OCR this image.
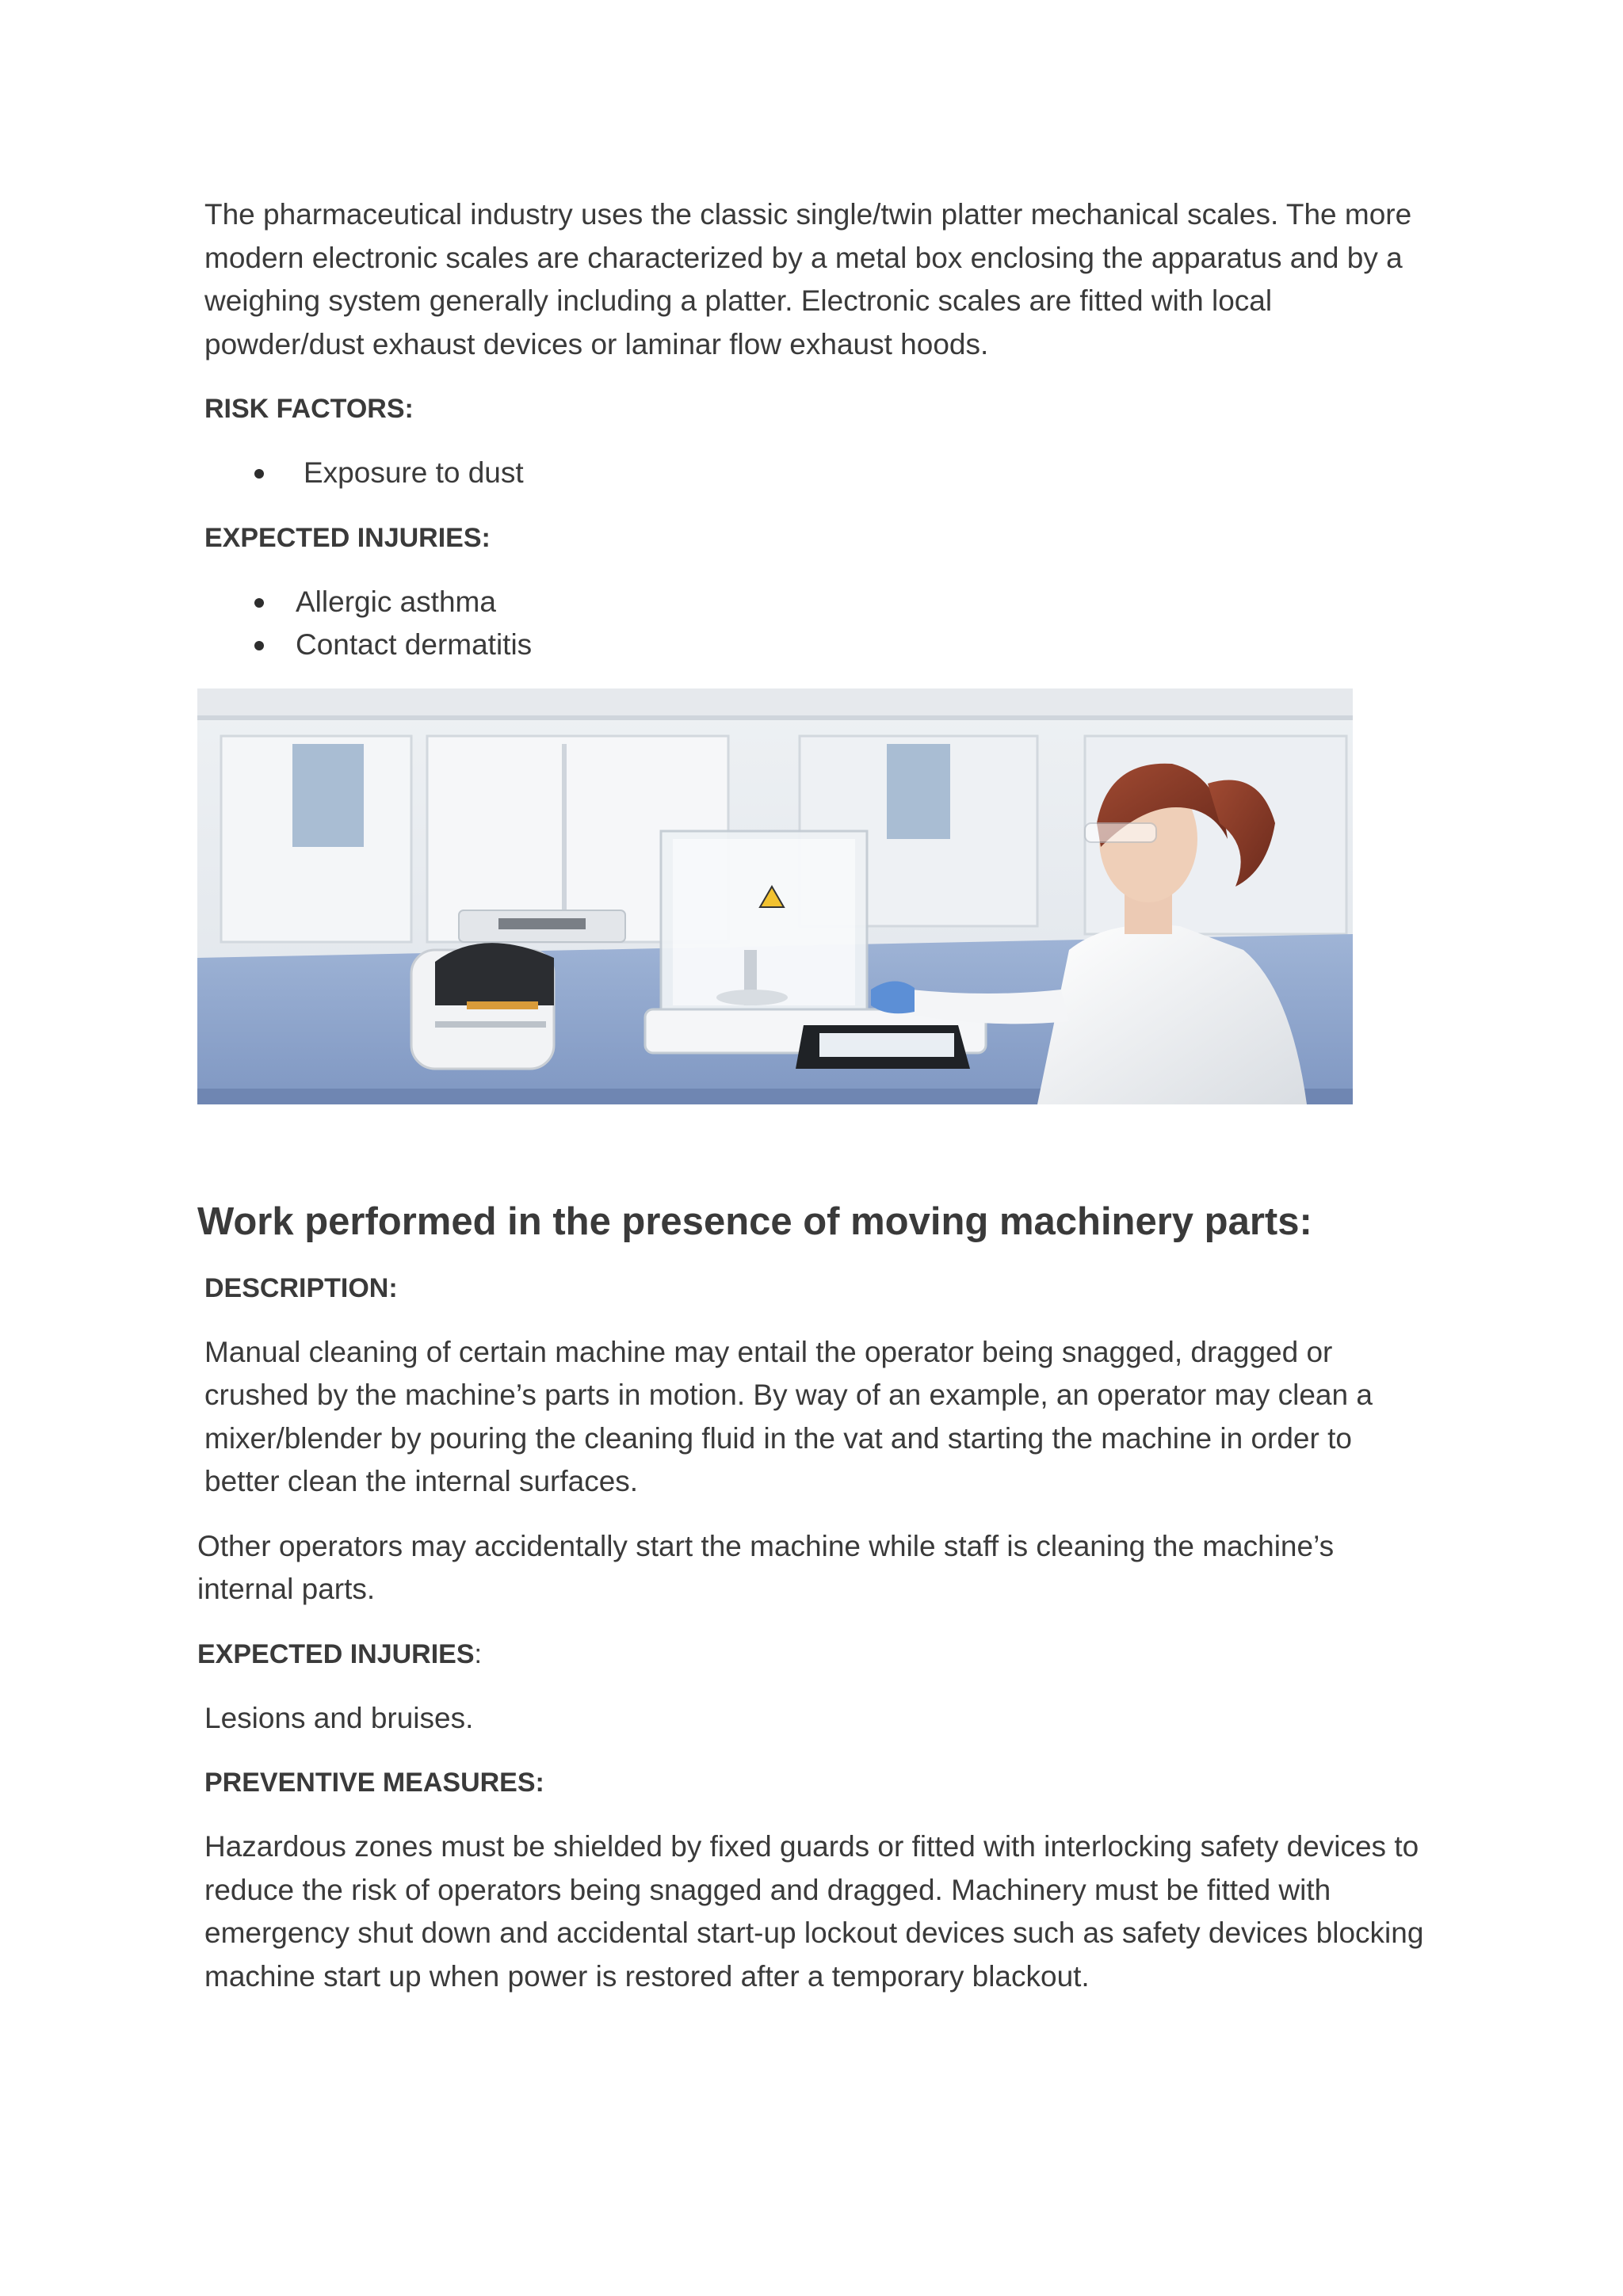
The pharmaceutical industry uses the classic single/twin platter mechanical scales. The more modern electronic scales are characterized by a metal box enclosing the apparatus and by a weighing system generally including a platter. Electronic scales are fitted with local powder/dust exhaust devices or laminar flow exhaust hoods.

RISK FACTORS:

Exposure to dust

EXPECTED INJURIES:

Allergic asthma
Contact dermatitis
Work performed in the presence of moving machinery parts:

DESCRIPTION:

Manual cleaning of certain machine may entail the operator being snagged, dragged or crushed by the machine’s parts in motion. By way of an example, an operator may clean a mixer/blender by pouring the cleaning fluid in the vat and starting the machine in order to better clean the internal surfaces.

Other operators may accidentally start the machine while staff is cleaning the machine’s internal parts.

EXPECTED INJURIES:

Lesions and bruises.

PREVENTIVE MEASURES:

Hazardous zones must be shielded by fixed guards or fitted with interlocking safety devices to reduce the risk of operators being snagged and dragged. Machinery must be fitted with emergency shut down and accidental start-up lockout devices such as safety devices blocking machine start up when power is restored after a temporary blackout.
